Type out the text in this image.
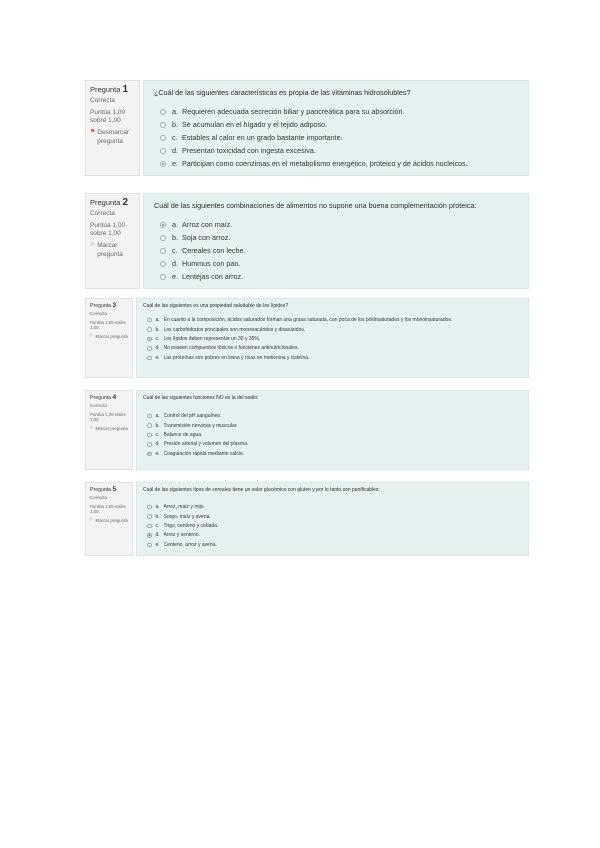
Pregunta 1
Correcta
Puntúa 1,00 sobre 1,00
⚑ Desmarcar pregunta
¿Cuál de las siguientes características es propia de las vitaminas hidrosolubles?
a. Requieren adecuada secreción biliar y pancreática para su absorción.
b. Se acumulan en el hígado y el tejido adiposo.
c. Estables al calor en un grado bastante importante.
d. Presentan toxicidad con ingesta excesiva.
e. Participan como coenzimas en el metabolismo energético, proteico y de ácidos nucleicos.
Pregunta 2
Correcta
Puntúa 1,00 sobre 1,00
⚐ Marcar pregunta
Cuál de las siguientes combinaciones de alimentos no supone una buena complementación proteica:
a. Arroz con maíz.
b. Soja con arroz.
c. Cereales con leche.
d. Hummus con pan.
e. Lentejas con arroz.
Pregunta 3
Correcta
Puntúa 1,00 sobre 1,00
⚐ Marcar pregunta
Cuál de las siguientes es una propiedad saludable de los lípidos?
a. En cuanto a la composición, ácidos saturados forman una grasa saturada, con poca de los poliinsaturados y los monoinsaturados.
b. Los carbohidratos principales son monosacáridos y disacáridos.
c. Los lípidos deben representar un 30 y 35%.
d. No poseen compuestos tóxicos o funciones antinutricionales.
e. Las proteínas son pobres en lisina y ricas en metionina y cisteína.
Pregunta 4
Correcta
Puntúa 1,00 sobre 1,00
⚐ Marcar pregunta
Cuál de las siguientes funciones NO es la del sodio:
a. Control del pH sanguíneo.
b. Transmisión nerviosa y muscular.
c. Balance de agua.
d. Presión arterial y volumen del plasma.
e. Coagulación rápida mediante calcio.
Pregunta 5
Correcta
Puntúa 1,00 sobre 1,00
⚐ Marcar pregunta
Cuál de las siguientes tipos de cereales tiene un valor glucémico con gluten y por lo tanto son panificables:
a. Arroz, maíz y mijo.
b. Sorgo, maíz y avena.
c. Trigo, centeno y cebada.
d. Arroz y centeno.
e. Centeno, arroz y avena.
